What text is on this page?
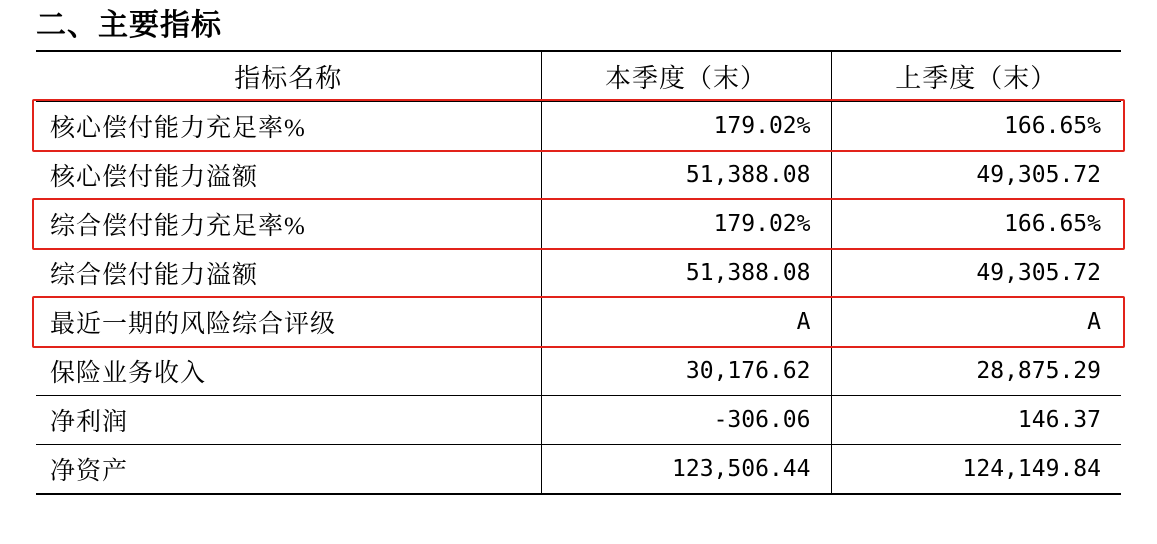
二、主要指标
指标名称	本季度（末）	上季度（末）
核心偿付能力充足率%	179.02%	166.65%
核心偿付能力溢额	51,388.08	49,305.72
综合偿付能力充足率%	179.02%	166.65%
综合偿付能力溢额	51,388.08	49,305.72
最近一期的风险综合评级	A	A
保险业务收入	30,176.62	28,875.29
净利润	-306.06	146.37
净资产	123,506.44	124,149.84
